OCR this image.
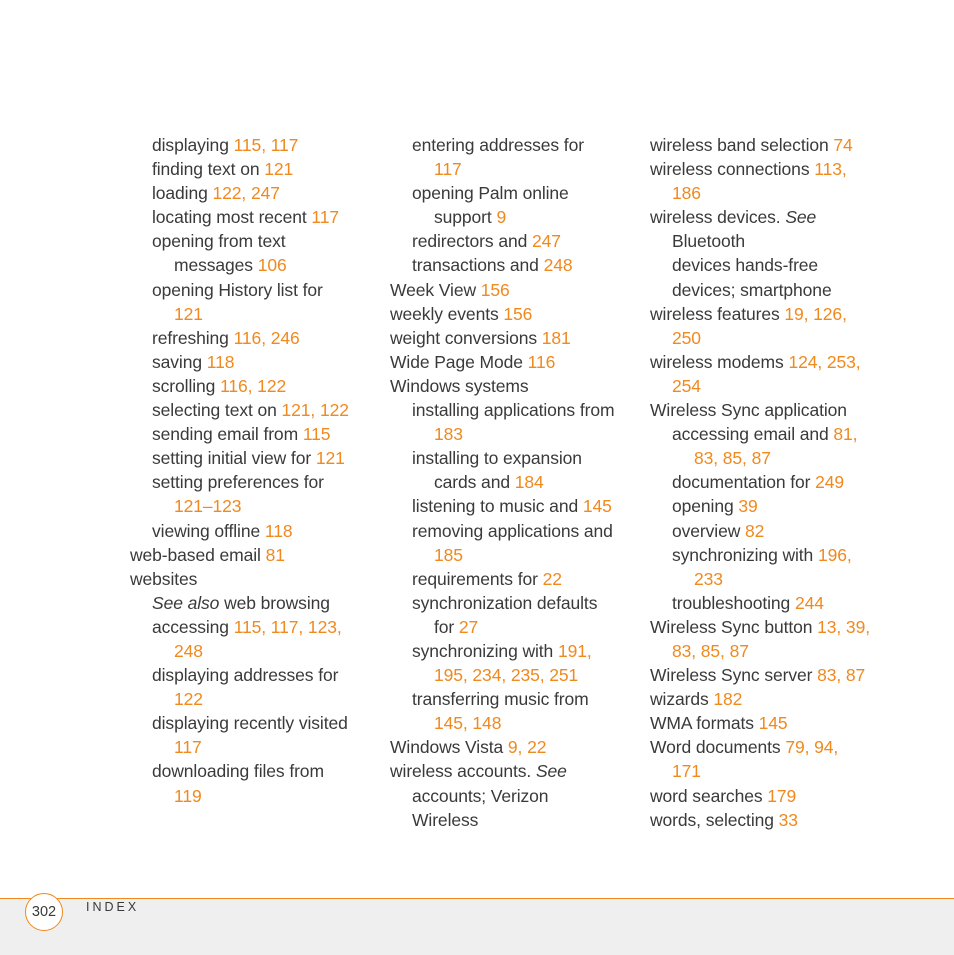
displaying 115, 117
finding text on 121
loading 122, 247
locating most recent 117
opening from text
messages 106
opening History list for
121
refreshing 116, 246
saving 118
scrolling 116, 122
selecting text on 121, 122
sending email from 115
setting initial view for 121
setting preferences for
121–123
viewing offline 118
web-based email 81
websites
See also web browsing
accessing 115, 117, 123,
248
displaying addresses for
122
displaying recently visited
117
downloading files from
119
entering addresses for
117
opening Palm online
support 9
redirectors and 247
transactions and 248
Week View 156
weekly events 156
weight conversions 181
Wide Page Mode 116
Windows systems
installing applications from
183
installing to expansion
cards and 184
listening to music and 145
removing applications and
185
requirements for 22
synchronization defaults
for 27
synchronizing with 191,
195, 234, 235, 251
transferring music from
145, 148
Windows Vista 9, 22
wireless accounts. See
accounts; Verizon
Wireless
wireless band selection 74
wireless connections 113,
186
wireless devices. See
Bluetooth
devices hands-free
devices; smartphone
wireless features 19, 126,
250
wireless modems 124, 253,
254
Wireless Sync application
accessing email and 81,
83, 85, 87
documentation for 249
opening 39
overview 82
synchronizing with 196,
233
troubleshooting 244
Wireless Sync button 13, 39,
83, 85, 87
Wireless Sync server 83, 87
wizards 182
WMA formats 145
Word documents 79, 94,
171
word searches 179
words, selecting 33
302	INDEX
